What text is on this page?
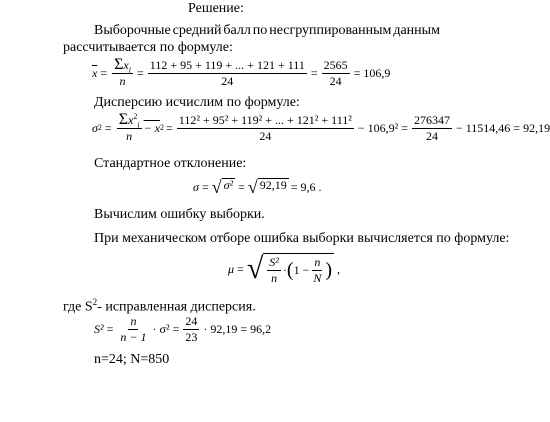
Решение:
Выборочные средний балл по несгруппированным данным
рассчитывается по формуле:
$\overline{x} = \frac{\Sigma x_i}{n} = \frac{112 + 95 + 119 + ... + 121 + 111}{24} = \frac{2565}{24} = 106,9$
Дисперсию исчислим по формуле:
σ $2 = \frac{\Sigma x^2_i}{n} - x$ $2 = \frac{\text{112² + 95² + 119² + ... + 121² + 111²}}{24} - 106,9^2 = \frac{276347}{24} - 11514,46 = 92,19$
Стандартное отклонение:
σ = √ σ² = √ 92,19 = 9,6 .
Вычислим ошибку выборки.
При механическом отборе ошибка выборки вычисляется по формуле:
μ = √ $\frac{\text{S²}}{n}$ · ( $1 - \frac{n}{N}$ ) ,
где $S^2-$ исправленная дисперсия.
$S^2 = \frac{n}{n - 1} \cdot \sigma^2 = \frac{24}{23} \cdot 92,19 = 96,2$
n=24; N=850
